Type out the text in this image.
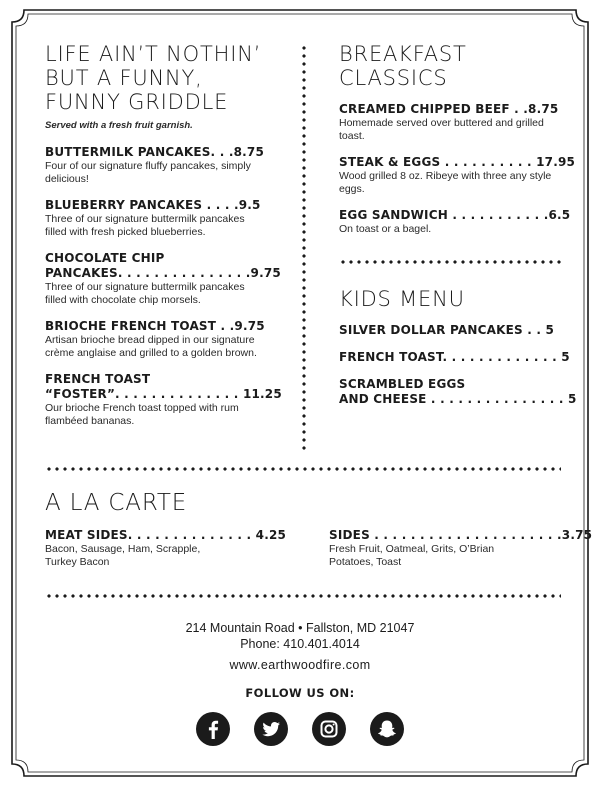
LIFE AIN’T NOTHIN’
BUT A FUNNY,
FUNNY GRIDDLE
Served with a fresh fruit garnish.
BUTTERMILK PANCAKES. . .8.75
Four of our signature fluffy pancakes, simply delicious!
BLUEBERRY PANCAKES . . . .9.5
Three of our signature buttermilk pancakes filled with fresh picked blueberries.
CHOCOLATE CHIP
PANCAKES. . . . . . . . . . . . . . .9.75
Three of our signature buttermilk pancakes filled with chocolate chip morsels.
BRIOCHE FRENCH TOAST . .9.75
Artisan brioche bread dipped in our signature crème anglaise and grilled to a golden brown.
FRENCH TOAST
“FOSTER”. . . . . . . . . . . . . . 11.25
Our brioche French toast topped with rum flambéed bananas.
BREAKFAST
CLASSICS
CREAMED CHIPPED BEEF . .8.75
Homemade served over buttered and grilled toast.
STEAK & EGGS . . . . . . . . . . 17.95
Wood grilled 8 oz. Ribeye with three any style eggs.
EGG SANDWICH . . . . . . . . . . .6.5
On toast or a bagel.
KIDS MENU
SILVER DOLLAR PANCAKES . . 5
FRENCH TOAST. . . . . . . . . . . . . 5
SCRAMBLED EGGS
AND CHEESE . . . . . . . . . . . . . . . 5
A LA CARTE
MEAT SIDES. . . . . . . . . . . . . . 4.25
Bacon, Sausage, Ham, Scrapple, Turkey Bacon
SIDES . . . . . . . . . . . . . . . . . . . . .3.75
Fresh Fruit, Oatmeal, Grits, O’Brian Potatoes, Toast
214 Mountain Road • Fallston, MD 21047
Phone: 410.401.4014
www.earthwoodfire.com
FOLLOW US ON:
